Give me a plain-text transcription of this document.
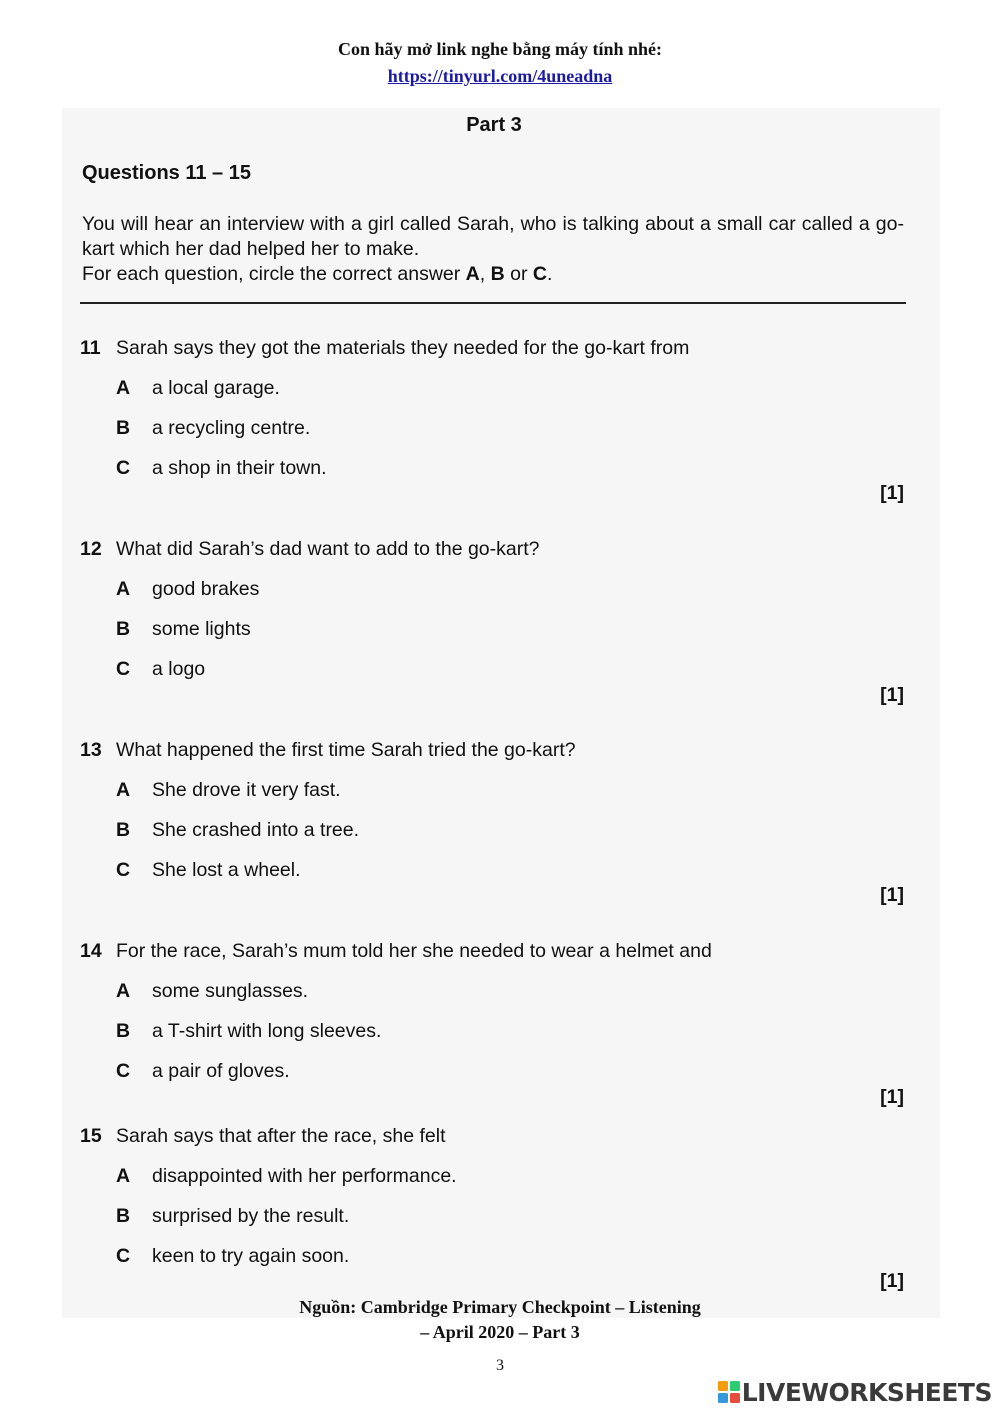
Con hãy mở link nghe bằng máy tính nhé:
https://tinyurl.com/4uneadna
Part 3
Questions 11 – 15
You will hear an interview with a girl called Sarah, who is talking about a small car called a go-kart which her dad helped her to make.
For each question, circle the correct answer A, B or C.
11 Sarah says they got the materials they needed for the go-kart from
A a local garage.
B a recycling centre.
C a shop in their town.
[1]
12 What did Sarah’s dad want to add to the go-kart?
A good brakes
B some lights
C a logo
[1]
13 What happened the first time Sarah tried the go-kart?
A She drove it very fast.
B She crashed into a tree.
C She lost a wheel.
[1]
14 For the race, Sarah’s mum told her she needed to wear a helmet and
A some sunglasses.
B a T-shirt with long sleeves.
C a pair of gloves.
[1]
15 Sarah says that after the race, she felt
A disappointed with her performance.
B surprised by the result.
C keen to try again soon.
[1]
Nguồn: Cambridge Primary Checkpoint – Listening
– April 2020 – Part 3
3
LIVEWORKSHEETS
